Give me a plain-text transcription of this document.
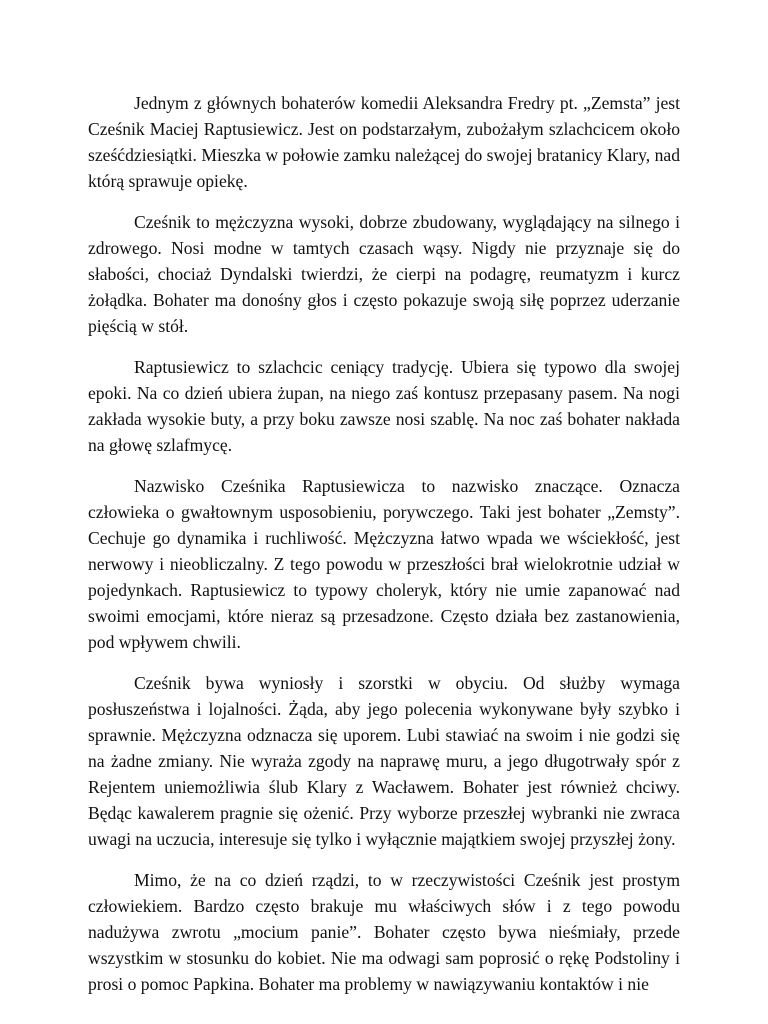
Jednym z głównych bohaterów komedii Aleksandra Fredry pt. „Zemsta” jest Cześnik Maciej Raptusiewicz. Jest on podstarzałym, zubożałym szlachcicem około sześćdziesiątki. Mieszka w połowie zamku należącej do swojej bratanicy Klary, nad którą sprawuje opiekę.

Cześnik to mężczyzna wysoki, dobrze zbudowany, wyglądający na silnego i zdrowego. Nosi modne w tamtych czasach wąsy. Nigdy nie przyznaje się do słabości, chociaż Dyndalski twierdzi, że cierpi na podagrę, reumatyzm i kurcz żołądka. Bohater ma donośny głos i często pokazuje swoją siłę poprzez uderzanie pięścią w stół.

Raptusiewicz to szlachcic ceniący tradycję. Ubiera się typowo dla swojej epoki. Na co dzień ubiera żupan, na niego zaś kontusz przepasany pasem. Na nogi zakłada wysokie buty, a przy boku zawsze nosi szablę. Na noc zaś bohater nakłada na głowę szlafmycę.

Nazwisko Cześnika Raptusiewicza to nazwisko znaczące. Oznacza człowieka o gwałtownym usposobieniu, porywczego. Taki jest bohater „Zemsty”. Cechuje go dynamika i ruchliwość. Mężczyzna łatwo wpada we wściekłość, jest nerwowy i nieobliczalny. Z tego powodu w przeszłości brał wielokrotnie udział w pojedynkach. Raptusiewicz to typowy choleryk, który nie umie zapanować nad swoimi emocjami, które nieraz są przesadzone. Często działa bez zastanowienia, pod wpływem chwili.

Cześnik bywa wyniosły i szorstki w obyciu. Od służby wymaga posłuszeństwa i lojalności. Żąda, aby jego polecenia wykonywane były szybko i sprawnie. Mężczyzna odznacza się uporem. Lubi stawiać na swoim i nie godzi się na żadne zmiany. Nie wyraża zgody na naprawę muru, a jego długotrwały spór z Rejentem uniemożliwia ślub Klary z Wacławem. Bohater jest również chciwy. Będąc kawalerem pragnie się ożenić. Przy wyborze przeszłej wybranki nie zwraca uwagi na uczucia, interesuje się tylko i wyłącznie majątkiem swojej przyszłej żony.

Mimo, że na co dzień rządzi, to w rzeczywistości Cześnik jest prostym człowiekiem. Bardzo często brakuje mu właściwych słów i z tego powodu nadużywa zwrotu „mocium panie”. Bohater często bywa nieśmiały, przede wszystkim w stosunku do kobiet. Nie ma odwagi sam poprosić o rękę Podstoliny i prosi o pomoc Papkina. Bohater ma problemy w nawiązywaniu kontaktów i nie
